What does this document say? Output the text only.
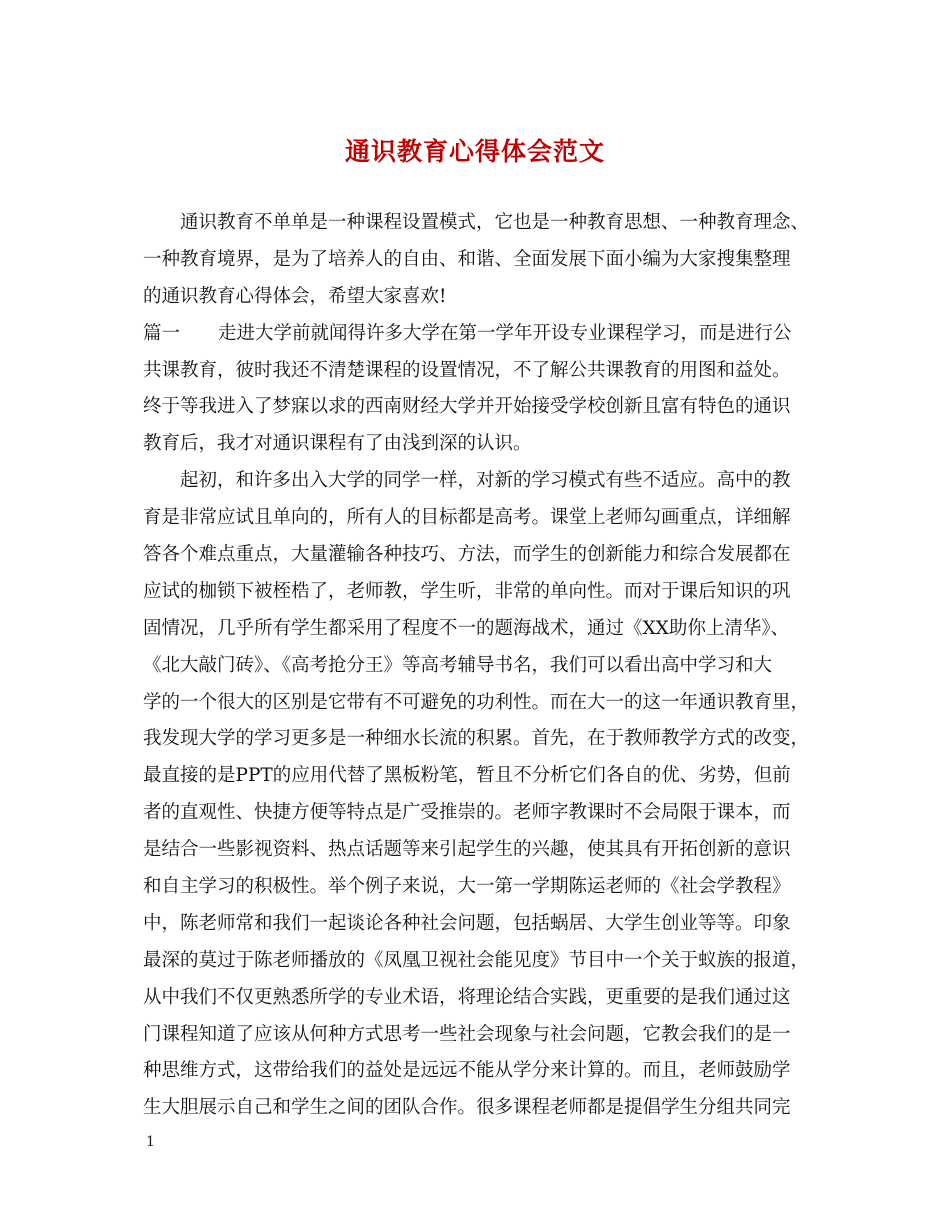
通识教育心得体会范文
通识教育不单单是一种课程设置模式，它也是一种教育思想、一种教育理念、
一种教育境界，是为了培养人的自由、和谐、全面发展下面小编为大家搜集整理
的通识教育心得体会，希望大家喜欢!
篇一 走进大学前就闻得许多大学在第一学年开设专业课程学习，而是进行公
共课教育，彼时我还不清楚课程的设置情况，不了解公共课教育的用图和益处。
终于等我进入了梦寐以求的西南财经大学并开始接受学校创新且富有特色的通识
教育后，我才对通识课程有了由浅到深的认识。
起初，和许多出入大学的同学一样，对新的学习模式有些不适应。高中的教
育是非常应试且单向的，所有人的目标都是高考。课堂上老师勾画重点，详细解
答各个难点重点，大量灌输各种技巧、方法，而学生的创新能力和综合发展都在
应试的枷锁下被桎梏了，老师教，学生听，非常的单向性。而对于课后知识的巩
固情况，几乎所有学生都采用了程度不一的题海战术，通过《XX助你上清华》、
《北大敲门砖》、《高考抢分王》等高考辅导书名，我们可以看出高中学习和大
学的一个很大的区别是它带有不可避免的功利性。而在大一的这一年通识教育里，
我发现大学的学习更多是一种细水长流的积累。首先，在于教师教学方式的改变，
最直接的是PPT的应用代替了黑板粉笔，暂且不分析它们各自的优、劣势，但前
者的直观性、快捷方便等特点是广受推崇的。老师字教课时不会局限于课本，而
是结合一些影视资料、热点话题等来引起学生的兴趣，使其具有开拓创新的意识
和自主学习的积极性。举个例子来说，大一第一学期陈运老师的《社会学教程》
中，陈老师常和我们一起谈论各种社会问题，包括蜗居、大学生创业等等。印象
最深的莫过于陈老师播放的《凤凰卫视社会能见度》节目中一个关于蚁族的报道，
从中我们不仅更熟悉所学的专业术语，将理论结合实践，更重要的是我们通过这
门课程知道了应该从何种方式思考一些社会现象与社会问题，它教会我们的是一
种思维方式，这带给我们的益处是远远不能从学分来计算的。而且，老师鼓励学
生大胆展示自己和学生之间的团队合作。很多课程老师都是提倡学生分组共同完
1
